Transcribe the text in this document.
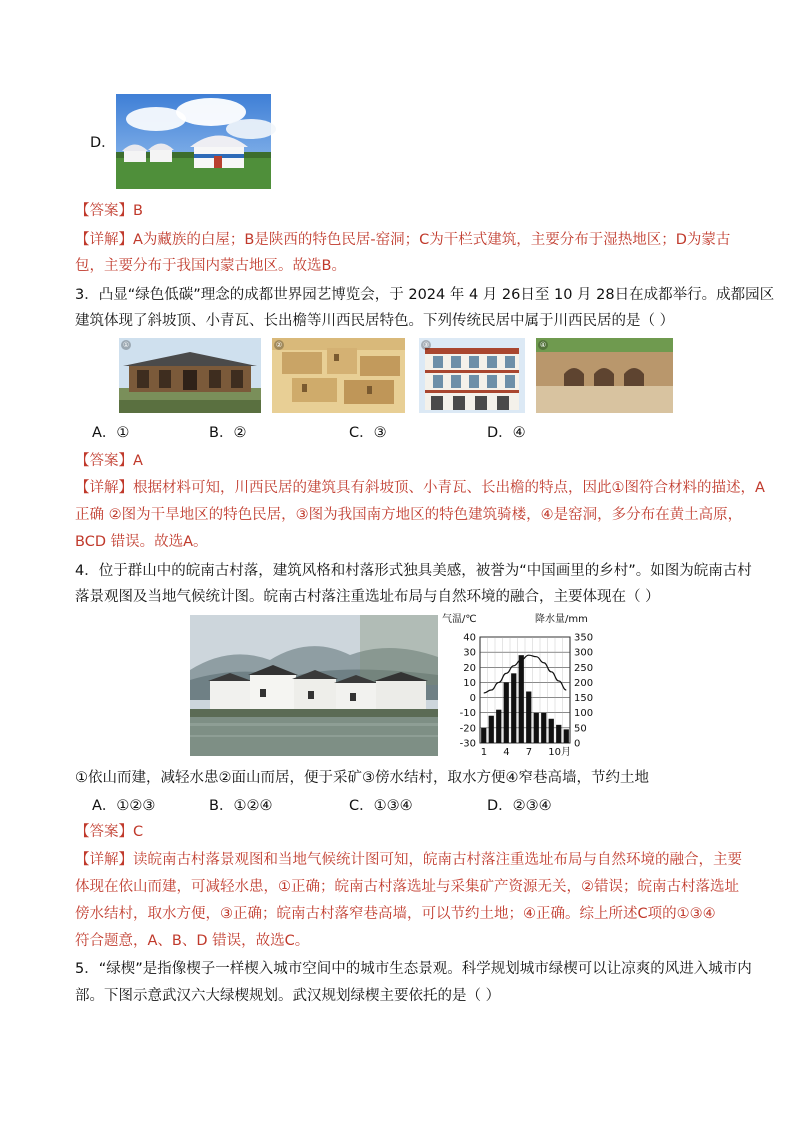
D．
【答案】B
【详解】A为藏族的白屋；B是陕西的特色民居-窑洞；C为干栏式建筑，主要分布于湿热地区；D为蒙古
包，主要分布于我国内蒙古地区。故选B。
3．凸显“绿色低碳”理念的成都世界园艺博览会，于 2024 年 4 月 26日至 10 月 28日在成都举行。成都园区
建筑体现了斜坡顶、小青瓦、长出檐等川西民居特色。下列传统民居中属于川西民居的是（ ）
①	②	③	④
A．①	B．②	C．③	D．④
【答案】A
【详解】根据材料可知，川西民居的建筑具有斜坡顶、小青瓦、长出檐的特点，因此①图符合材料的描述，A
正确 ②图为干旱地区的特色民居，③图为我国南方地区的特色建筑骑楼，④是窑洞，多分布在黄土高原，
BCD 错误。故选A。
4．位于群山中的皖南古村落，建筑风格和村落形式独具美感，被誉为“中国画里的乡村”。如图为皖南古村
落景观图及当地气候统计图。皖南古村落注重选址布局与自然环境的融合，主要体现在（ ）
气温/℃	降水量/mm
40
30
20
10
0
-10
-20
-30
350
300
250
200
150
100
50
0
1 4 7 10月
①依山而建，减轻水患②面山而居，便于采矿③傍水结村，取水方便④窄巷高墙，节约土地
A．①②③	B．①②④	C．①③④	D．②③④
【答案】C
【详解】读皖南古村落景观图和当地气候统计图可知，皖南古村落注重选址布局与自然环境的融合，主要
体现在依山而建，可减轻水患，①正确；皖南古村落选址与采集矿产资源无关，②错误；皖南古村落选址
傍水结村，取水方便，③正确；皖南古村落窄巷高墙，可以节约土地；④正确。综上所述C项的①③④
符合题意，A、B、D 错误，故选C。
5．“绿楔”是指像楔子一样楔入城市空间中的城市生态景观。科学规划城市绿楔可以让凉爽的风进入城市内
部。下图示意武汉六大绿楔规划。武汉规划绿楔主要依托的是（ ）
